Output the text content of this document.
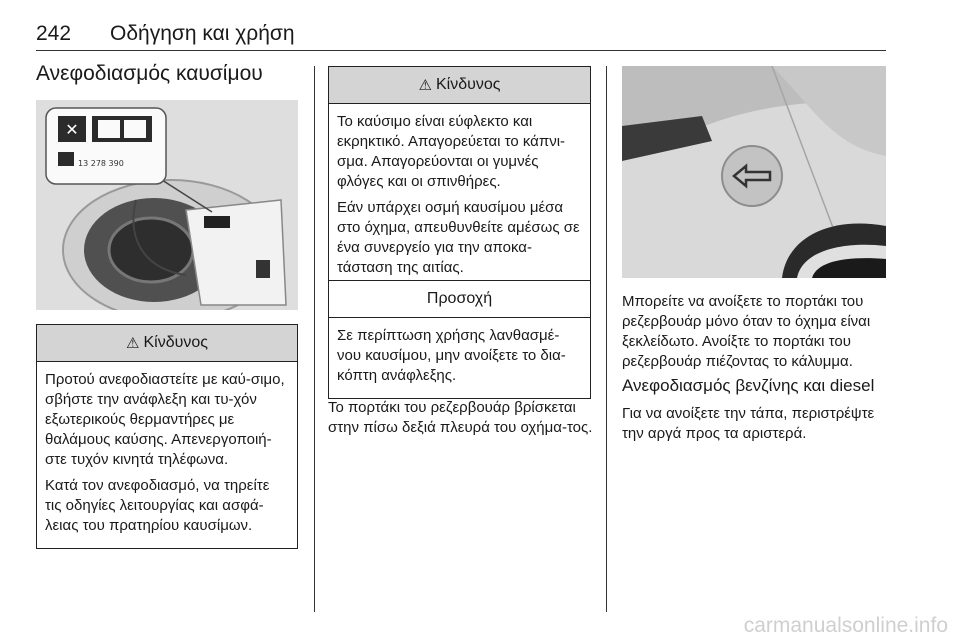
242 Οδήγηση και χρήση
Ανεφοδιασμός καυσίμου
✕
13 278 390
⚠ Κίνδυνος

Προτού ανεφοδιαστείτε με καύ-σιμο, σβήστε την ανάφλεξη και τυ-χόν εξωτερικούς θερμαντήρες με θαλάμους καύσης. Απενεργοποιή-στε τυχόν κινητά τηλέφωνα.

Κατά τον ανεφοδιασμό, να τηρείτε τις οδηγίες λειτουργίας και ασφά-λειας του πρατηρίου καυσίμων.

⚠ Κίνδυνος

Το καύσιμο είναι εύφλεκτο και εκρηκτικό. Απαγορεύεται το κάπνι-σμα. Απαγορεύονται οι γυμνές φλόγες και οι σπινθήρες.

Εάν υπάρχει οσμή καυσίμου μέσα στο όχημα, απευθυνθείτε αμέσως σε ένα συνεργείο για την αποκα-τάσταση της αιτίας.

Προσοχή

Σε περίπτωση χρήσης λανθασμέ-νου καυσίμου, μην ανοίξετε το δια-κόπτη ανάφλεξης.

Το πορτάκι του ρεζερβουάρ βρίσκεται στην πίσω δεξιά πλευρά του οχήμα-τος.
Μπορείτε να ανοίξετε το πορτάκι του ρεζερβουάρ μόνο όταν το όχημα είναι ξεκλείδωτο. Ανοίξτε το πορτάκι του ρεζερβουάρ πιέζοντας το κάλυμμα.
Ανεφοδιασμός βενζίνης και diesel
Για να ανοίξετε την τάπα, περιστρέψτε την αργά προς τα αριστερά.
carmanualsonline.info
